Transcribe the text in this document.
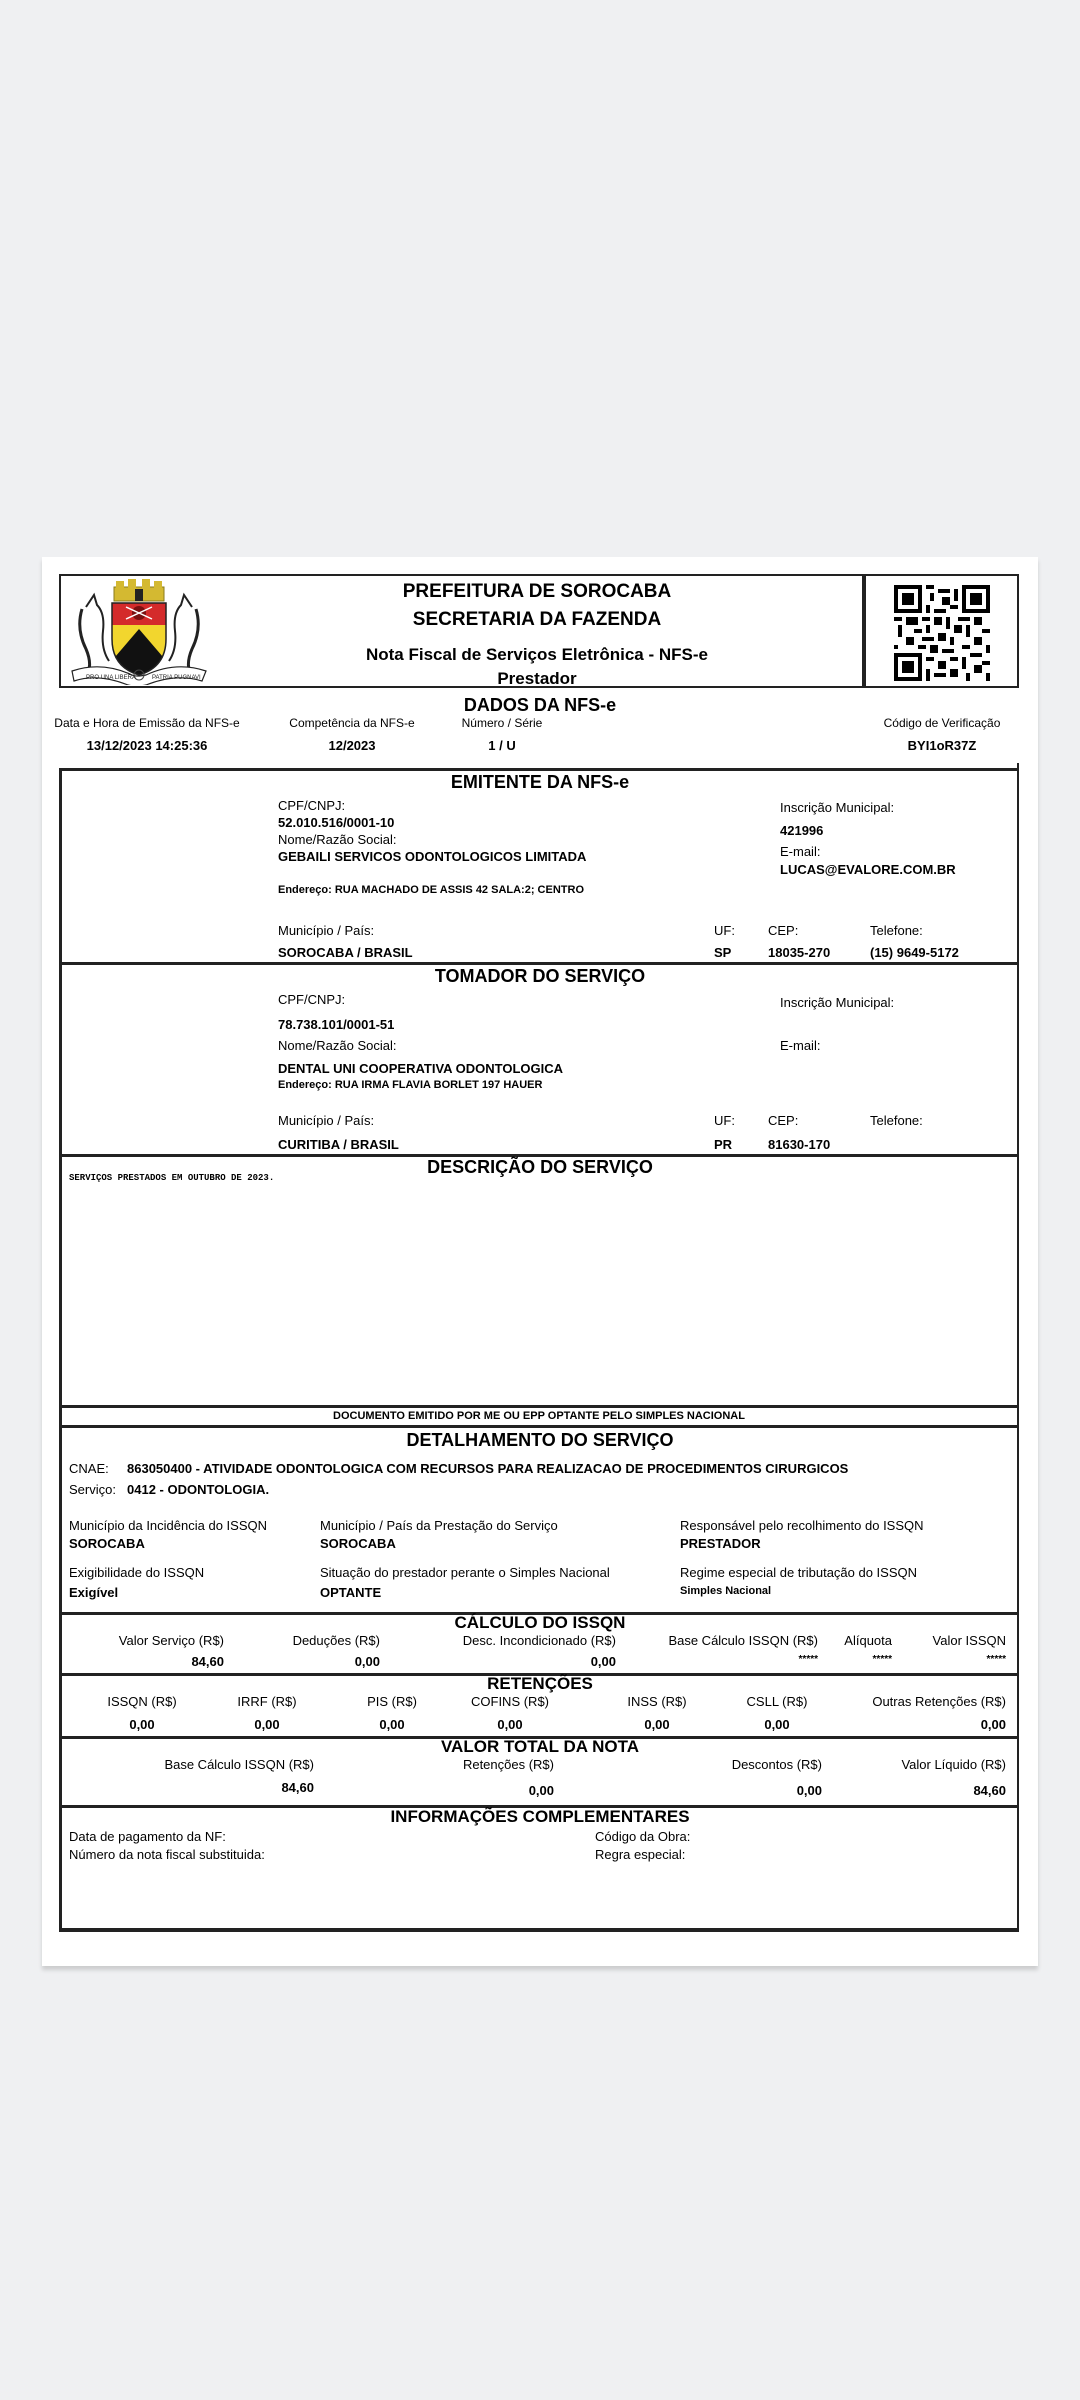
PRO UNA LIBERA	PATRIA PUGNAVI
PREFEITURA DE SOROCABA
SECRETARIA DA FAZENDA
Nota Fiscal de Serviços Eletrônica - NFS-e
Prestador
DADOS DA NFS-e
Data e Hora de Emissão da NFS-e
13/12/2023 14:25:36
Competência da NFS-e
12/2023
Número / Série
1 / U
Código de Verificação
BYI1oR37Z
EMITENTE DA NFS-e
CPF/CNPJ:
52.010.516/0001-10
Nome/Razão Social:
GEBAILI SERVICOS ODONTOLOGICOS LIMITADA
Endereço: RUA MACHADO DE ASSIS 42 SALA:2; CENTRO
Inscrição Municipal:
421996
E-mail:
LUCAS@EVALORE.COM.BR
Município / País:
SOROCABA / BRASIL
UF:
SP
CEP:
18035-270
Telefone:
(15) 9649-5172
TOMADOR DO SERVIÇO
CPF/CNPJ:
78.738.101/0001-51
Nome/Razão Social:
DENTAL UNI COOPERATIVA ODONTOLOGICA
Endereço: RUA IRMA FLAVIA BORLET 197 HAUER
Inscrição Municipal:
E-mail:
Município / País:
CURITIBA / BRASIL
UF:
PR
CEP:
81630-170
Telefone:
DESCRIÇÃO DO SERVIÇO
SERVIÇOS PRESTADOS EM OUTUBRO DE 2023.
DOCUMENTO EMITIDO POR ME OU EPP OPTANTE PELO SIMPLES NACIONAL
DETALHAMENTO DO SERVIÇO
CNAE: 863050400 - ATIVIDADE ODONTOLOGICA COM RECURSOS PARA REALIZACAO DE PROCEDIMENTOS CIRURGICOS
Serviço: 0412 - ODONTOLOGIA.
Município da Incidência do ISSQN
SOROCABA
Município / País da Prestação do Serviço
SOROCABA
Responsável pelo recolhimento do ISSQN
PRESTADOR
Exigibilidade do ISSQN
Exigível
Situação do prestador perante o Simples Nacional
OPTANTE
Regime especial de tributação do ISSQN
Simples Nacional
CÁLCULO DO ISSQN
Valor Serviço (R$)
84,60
Deduções (R$)
0,00
Desc. Incondicionado (R$)
0,00
Base Cálculo ISSQN (R$)
*****
Alíquota
*****
Valor ISSQN
*****
RETENÇÕES
ISSQN (R$)
0,00
IRRF (R$)
0,00
PIS (R$)
0,00
COFINS (R$)
0,00
INSS (R$)
0,00
CSLL (R$)
0,00
Outras Retenções (R$)
0,00
VALOR TOTAL DA NOTA
Base Cálculo ISSQN (R$)
84,60
Retenções (R$)
0,00
Descontos (R$)
0,00
Valor Líquido (R$)
84,60
INFORMAÇÕES COMPLEMENTARES
Data de pagamento da NF:
Número da nota fiscal substituida:
Código da Obra:
Regra especial:
